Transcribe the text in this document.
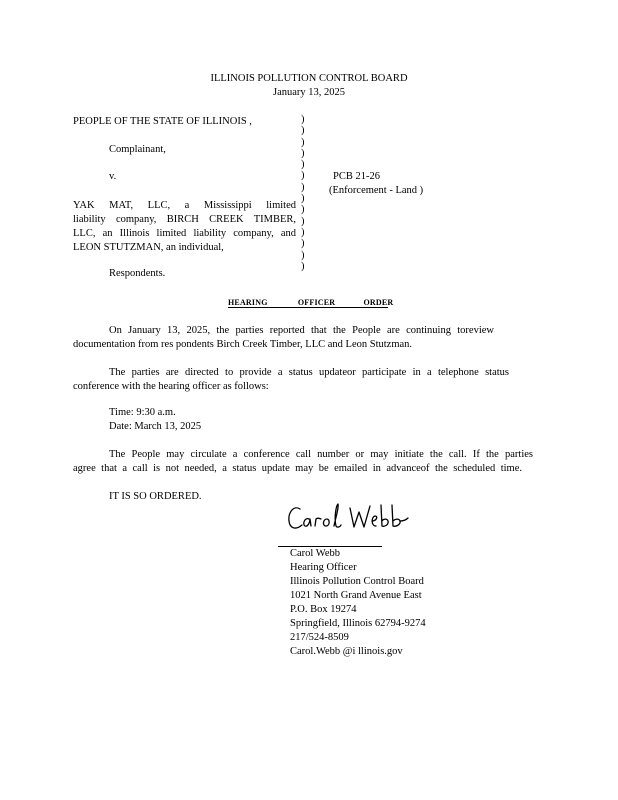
ILLINOIS POLLUTION CONTROL BOARD
January 13, 2025
PEOPLE OF THE STATE OF ILLINOIS ,
Complainant,
v.
YAK MAT, LLC, a Mississippi limited
liability company, BIRCH CREEK TIMBER,
LLC, an Illinois limited liability company, and
LEON STUTZMAN, an individual,
Respondents.
)
)
)
)
)
)
)
)
)
)
)
)
)
)
PCB 21-26
(Enforcement - Land )
HEARING	OFFICER	ORDER
On January 13, 2025, the parties reported that the People are continuing toreview
documentation from res pondents Birch Creek Timber, LLC and Leon Stutzman.
The parties are directed to provide a status updateor participate in a telephone status
conference with the hearing officer as follows:
Time: 9:30 a.m.
Date: March 13, 2025
The People may circulate a conference call number or may initiate the call. If the parties
agree that a call is not needed, a status update may be emailed in advanceof the scheduled time.
IT IS SO ORDERED.
Carol Webb
Hearing Officer
Illinois Pollution Control Board
1021 North Grand Avenue East
P.O. Box 19274
Springfield, Illinois 62794-9274
217/524-8509
Carol.Webb @i llinois.gov
